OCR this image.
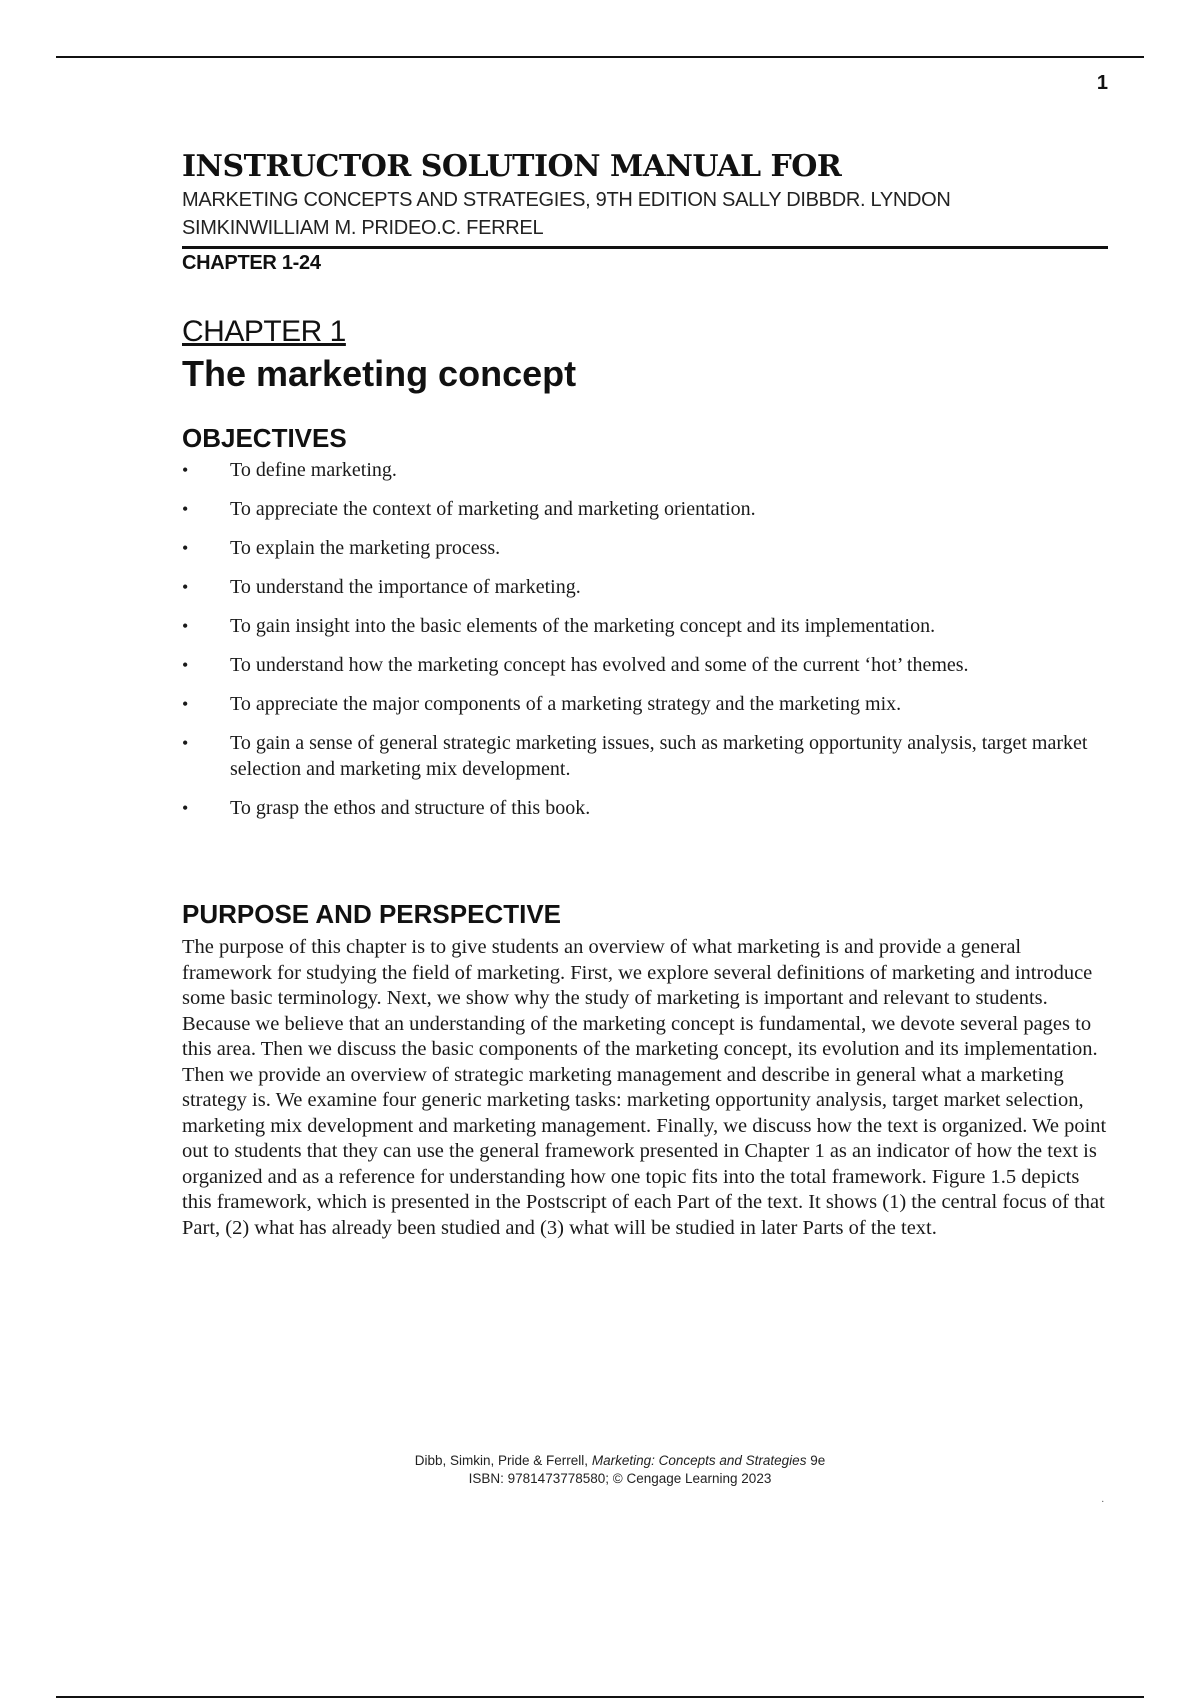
1
INSTRUCTOR SOLUTION MANUAL FOR

MARKETING CONCEPTS AND STRATEGIES, 9TH EDITION SALLY DIBBDR. LYNDON

SIMKINWILLIAM M. PRIDEO.C. FERREL

CHAPTER 1-24
CHAPTER 1
The marketing concept
OBJECTIVES
• To define marketing.
• To appreciate the context of marketing and marketing orientation.
• To explain the marketing process.
• To understand the importance of marketing.
• To gain insight into the basic elements of the marketing concept and its implementation.
• To understand how the marketing concept has evolved and some of the current ‘hot’ themes.
• To appreciate the major components of a marketing strategy and the marketing mix.
• To gain a sense of general strategic marketing issues, such as marketing opportunity analysis, target market selection and marketing mix development.
• To grasp the ethos and structure of this book.
PURPOSE AND PERSPECTIVE

The purpose of this chapter is to give students an overview of what marketing is and provide a general framework for studying the field of marketing. First, we explore several definitions of marketing and introduce some basic terminology. Next, we show why the study of marketing is important and relevant to students. Because we believe that an understanding of the marketing concept is fundamental, we devote several pages to this area. Then we discuss the basic components of the marketing concept, its evolution and its implementation. Then we provide an overview of strategic marketing management and describe in general what a marketing strategy is. We examine four generic marketing tasks: marketing opportunity analysis, target market selection, marketing mix development and marketing management. Finally, we discuss how the text is organized. We point out to students that they can use the general framework presented in Chapter 1 as an indicator of how the text is organized and as a reference for understanding how one topic fits into the total framework. Figure 1.5 depicts this framework, which is presented in the Postscript of each Part of the text. It shows (1) the central focus of that Part, (2) what has already been studied and (3) what will be studied in later Parts of the text.

Dibb, Simkin, Pride & Ferrell, Marketing: Concepts and Strategies 9e
ISBN: 9781473778580; © Cengage Learning 2023
.
